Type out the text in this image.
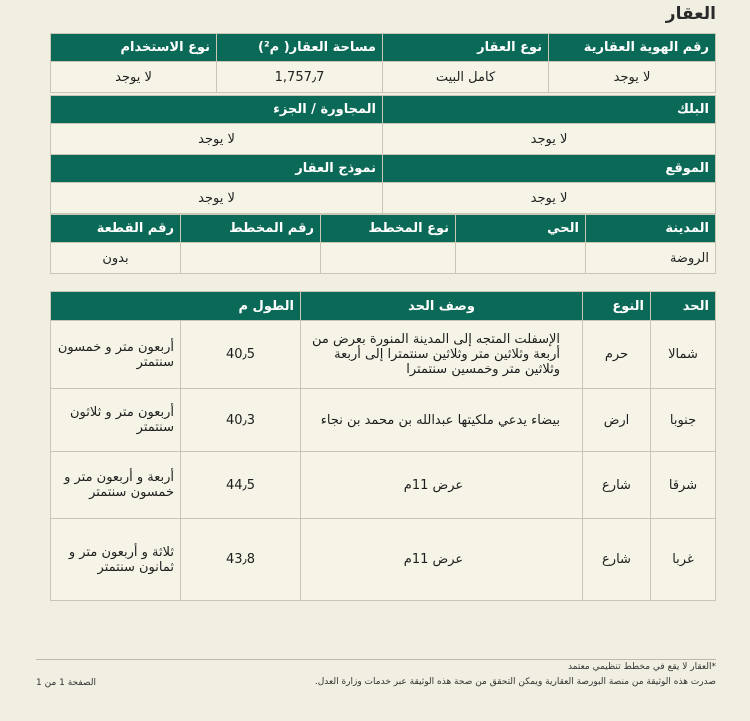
العقار
رقم الهوية العقارية	نوع العقار	مساحة العقار( م²)	نوع الاستخدام
لا يوجد	كامل البيت	1,757٫7	لا يوجد
البلك	المجاورة / الجزء
لا يوجد	لا يوجد
الموقع	نموذج العقار
لا يوجد	لا يوجد
المدينة	الحي	نوع المخطط	رقم المخطط	رقم القطعة
الروضة				بدون
الحد	النوع	وصف الحد	الطول م	
شمالا	حرم	الإسفلت المتجه إلى المدينة المنورة بعرض من أربعة وثلاثين متر وثلاثين سنتمترا إلى أربعة وثلاثين متر وخمسين سنتمترا	40٫5	أربعون متر و خمسون سنتمتر
جنوبا	ارض	بيضاء يدعي ملكيتها عبدالله بن محمد بن نجاء	40٫3	أربعون متر و ثلاثون سنتمتر
شرقا	شارع	عرض 11م	44٫5	أربعة و أربعون متر و خمسون سنتمتر
غربا	شارع	عرض 11م	43٫8	ثلاثة و أربعون متر و ثمانون سنتمتر
*العقار لا يقع في مخطط تنظيمي معتمد
صدرت هذه الوثيقة من منصة البورصة العقارية ويمكن التحقق من صحة هذه الوثيقة عبر خدمات وزارة العدل.
الصفحة 1 من 1
